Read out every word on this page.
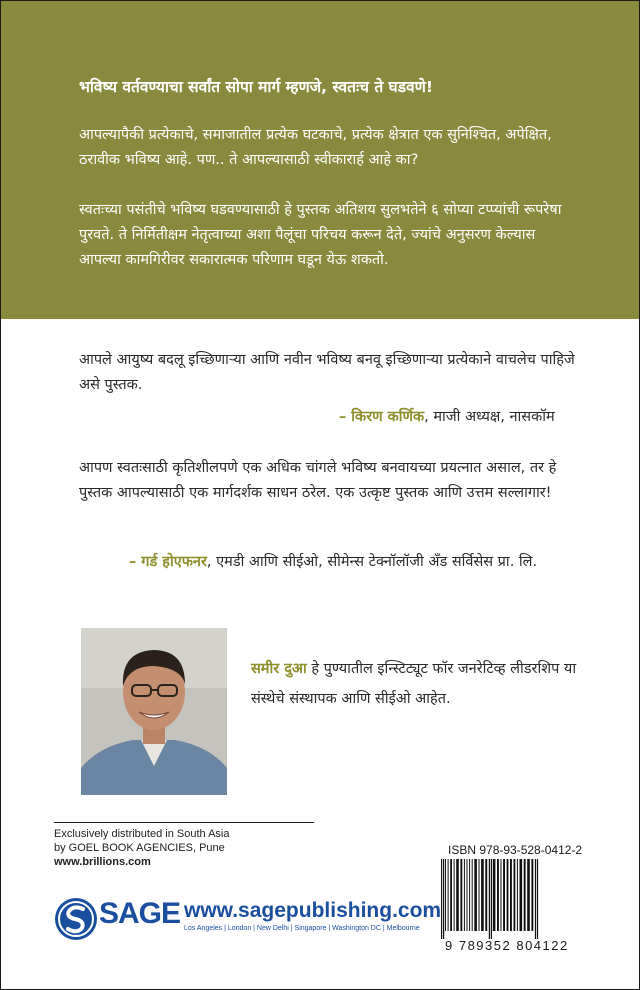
भविष्य वर्तवण्याचा सर्वांत सोपा मार्ग म्हणजे, स्वतःच ते घडवणे!

आपल्यापैकी प्रत्येकाचे, समाजातील प्रत्येक घटकाचे, प्रत्येक क्षेत्रात एक सुनिश्चित, अपेक्षित, ठरावीक भविष्य आहे. पण.. ते आपल्यासाठी स्वीकारार्ह आहे का?

स्वतःच्या पसंतीचे भविष्य घडवण्यासाठी हे पुस्तक अतिशय सुलभतेने ६ सोप्या टप्प्यांची रूपरेषा पुरवते. ते निर्मितीक्षम नेतृत्वाच्या अशा पैलूंचा परिचय करून देते, ज्यांचे अनुसरण केल्यास आपल्या कामगिरीवर सकारात्मक परिणाम घडून येऊ शकतो.

आपले आयुष्य बदलू इच्छिणाऱ्या आणि नवीन भविष्य बनवू इच्छिणाऱ्या प्रत्येकाने वाचलेच पाहिजे असे पुस्तक.

– किरण कर्णिक, माजी अध्यक्ष, नासकॉम

आपण स्वतःसाठी कृतिशीलपणे एक अधिक चांगले भविष्य बनवायच्या प्रयत्नात असाल, तर हे पुस्तक आपल्यासाठी एक मार्गदर्शक साधन ठरेल. एक उत्कृष्ट पुस्तक आणि उत्तम सल्लागार!

– गर्ड होएफनर, एमडी आणि सीईओ, सीमेन्स टेक्नॉलॉजी अँड सर्विसेस प्रा. लि.

समीर दुआ हे पुण्यातील इन्स्टिट्यूट फॉर जनरेटिव्ह लीडरशिप या संस्थेचे संस्थापक आणि सीईओ आहेत.

Exclusively distributed in South Asia
by GOEL BOOK AGENCIES, Pune
www.brillions.com

SAGE www.sagepublishing.com

Los Angeles | London | New Delhi | Singapore | Washington DC | Melbourne

ISBN 978-93-528-0412-2

9 789352 804122
